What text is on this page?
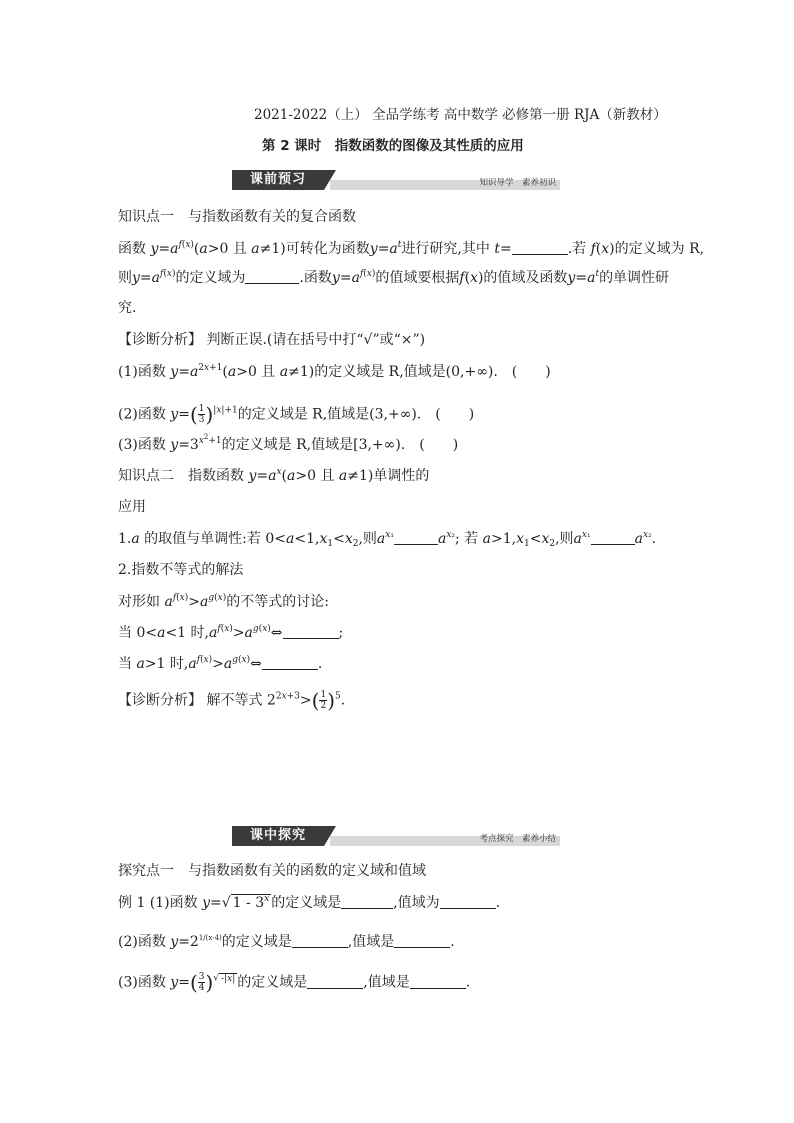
2021-2022（上） 全品学练考 高中数学 必修第一册 RJA（新教材）
第 2 课时　指数函数的图像及其性质的应用
课前预习	知识导学　素养初识
知识点一　与指数函数有关的复合函数
函数 $y=a^{f(x)}(a>0$ 且 a≠1)可转化为函数$y=a^t$进行研究,其中 t=	.若 f(x)的定义域为 R,
则$y=a^{f(x)}$的定义域为	.函数$y=a^{f(x)}$的值域要根据f(x)的值域及函数$y=a^t$的单调性研
究.
【诊断分析】 判断正误.(请在括号中打“√”或“×”)
(1)函数 $y=a^{2x+1}(a>0$ 且 a≠1)的定义域是 R,值域是(0,+∞).　(　　)
(2)函数 $y=( \frac{1}{3} )^{|x|+1}$的定义域是 R,值域是(3,+∞).　(　　)
(3)函数 $y=3^{x^2+1}$的定义域是 R,值域是[3,+∞).　(　　)
知识点二　指数函数 $y=a^x(a>0$ 且 a≠1)单调性的
应用
1.a 的取值与单调性:若 $0<a<1,x_1<x_2$,则$a^{x_1}$	$a^{x_2}$; 若 $a>1,x_1<x_2$,则$a^{x_1}$	$a^{x_2}$.
2.指数不等式的解法
对形如 $a^{f(x)}>a^{g(x)}$的不等式的讨论:
当 0<a<1 时$,a^{f(x)}>a^{g(x)}\Leftrightarrow$	;
当 a>1 时$,a^{f(x)}>a^{g(x)}\Leftrightarrow$	.
【诊断分析】 解不等式 $2^{2x+3}>( \frac{1}{2} )^5$.
课中探究	考点探究　素养小结
探究点一　与指数函数有关的函数的定义域和值域
例 1 (1)函数 y=√ 1 - 3$^x$ 的定义域是	,值域为	.
(2)函数 $y=2^{1/(x-4)}$的定义域是	,值域是	.
(3)函数 $y=( \frac{3}{4} )^{√ -|x|}$ 的定义域是	,值域是	.
